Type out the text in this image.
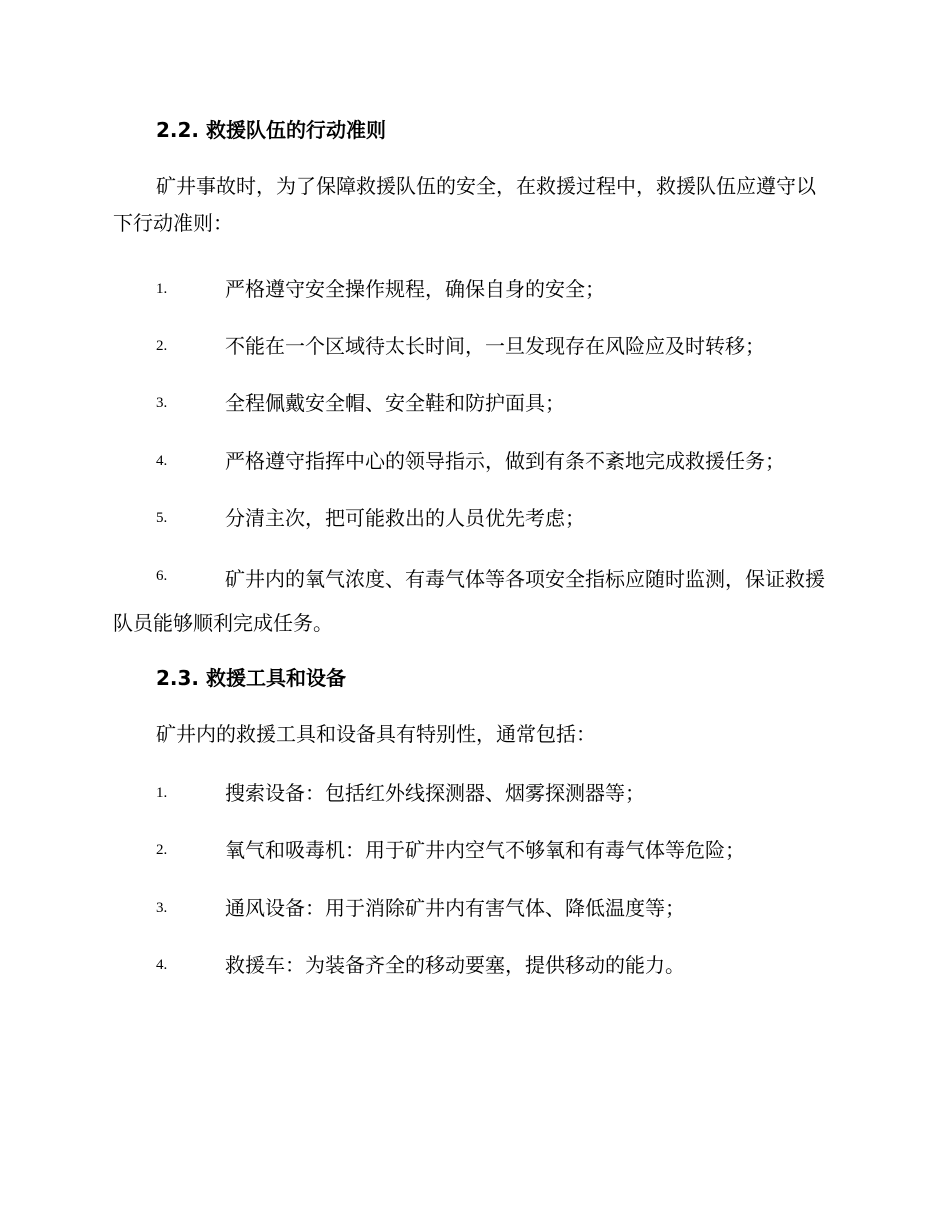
2.2. 救援队伍的行动准则
矿井事故时，为了保障救援队伍的安全，在救援过程中，救援队伍应遵守以下行动准则：
1.	严格遵守安全操作规程，确保自身的安全；
2.	不能在一个区域待太长时间，一旦发现存在风险应及时转移；
3.	全程佩戴安全帽、安全鞋和防护面具；
4.	严格遵守指挥中心的领导指示，做到有条不紊地完成救援任务；
5.	分清主次，把可能救出的人员优先考虑；
6.	矿井内的氧气浓度、有毒气体等各项安全指标应随时监测，保证救援队员能够顺利完成任务。
2.3. 救援工具和设备
矿井内的救援工具和设备具有特别性，通常包括：
1.	搜索设备：包括红外线探测器、烟雾探测器等；
2.	氧气和吸毒机：用于矿井内空气不够氧和有毒气体等危险；
3.	通风设备：用于消除矿井内有害气体、降低温度等；
4.	救援车：为装备齐全的移动要塞，提供移动的能力。
